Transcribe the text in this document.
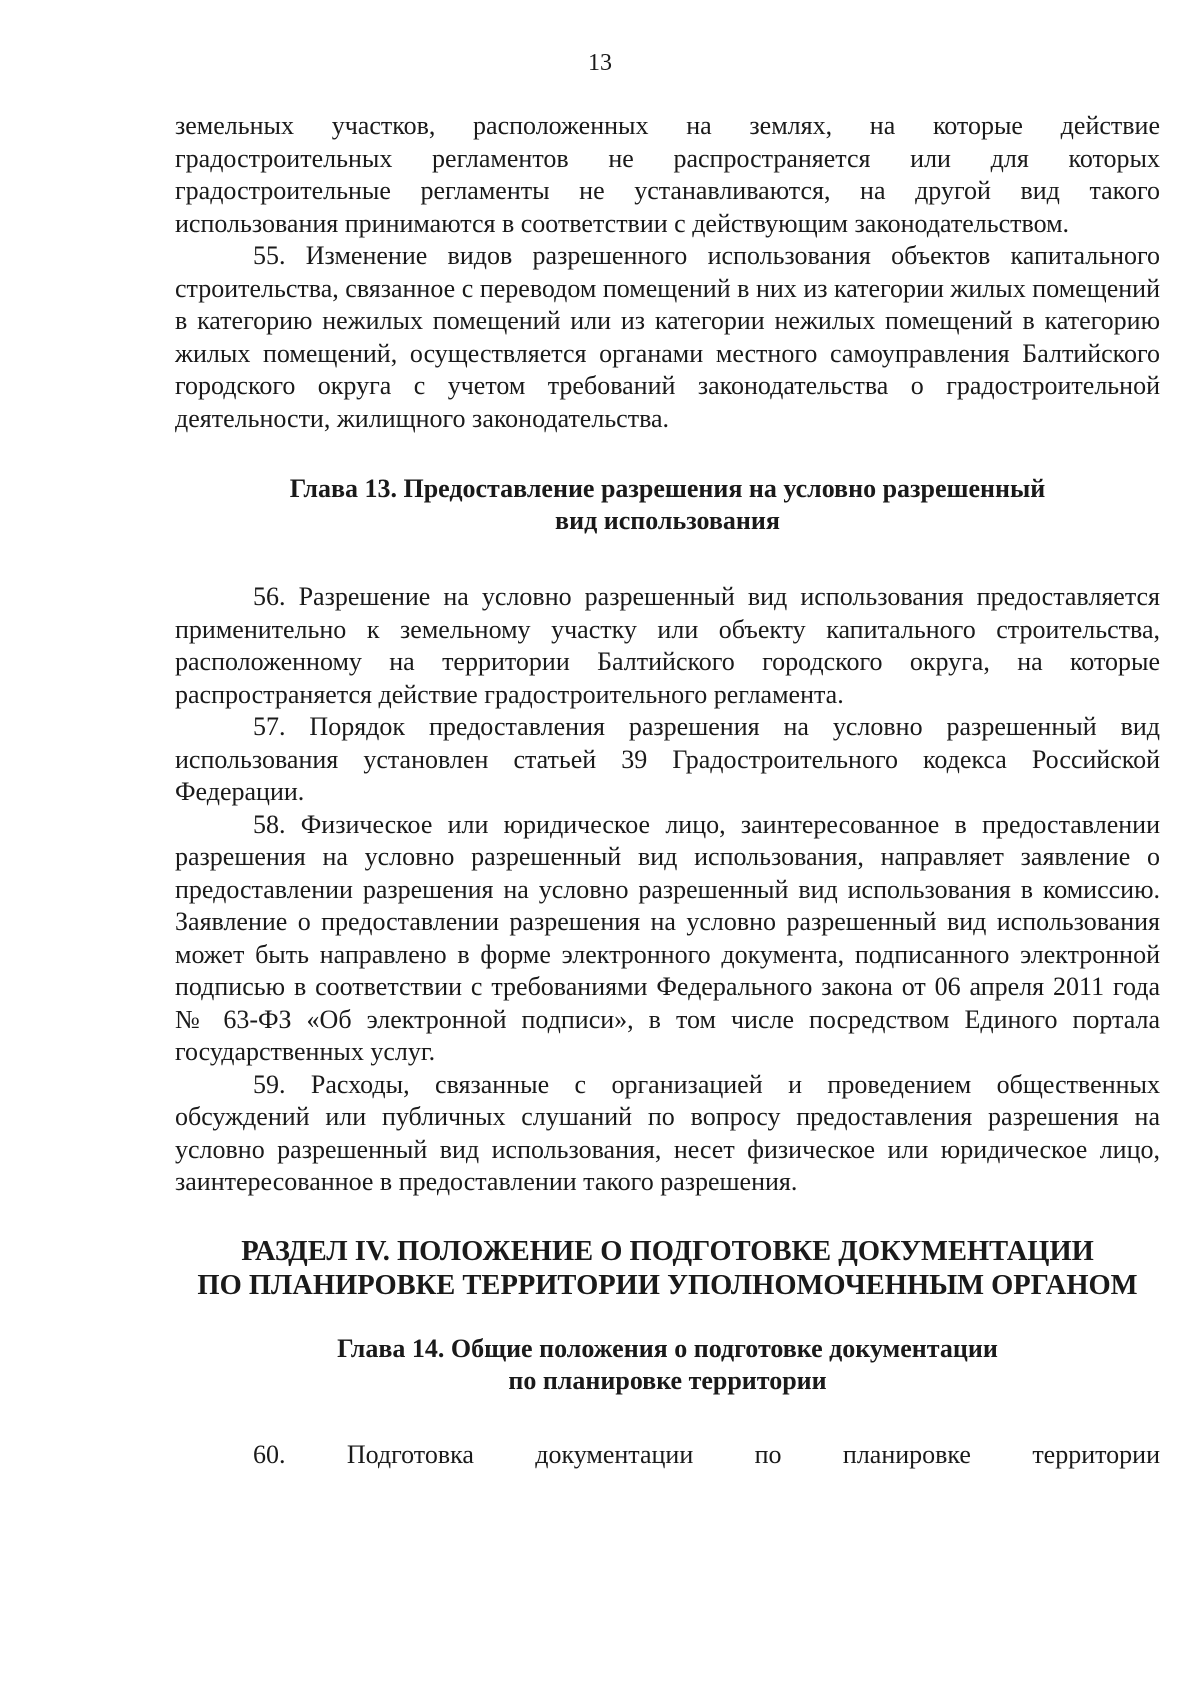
13

земельных участков, расположенных на землях, на которые действие градостроительных регламентов не распространяется или для которых градостроительные регламенты не устанавливаются, на другой вид такого использования принимаются в соответствии с действующим законодательством.

55. Изменение видов разрешенного использования объектов капитального строительства, связанное с переводом помещений в них из категории жилых помещений в категорию нежилых помещений или из категории нежилых помещений в категорию жилых помещений, осуществляется органами местного самоуправления Балтийского городского округа с учетом требований законодательства о градостроительной деятельности, жилищного законодательства.

Глава 13. Предоставление разрешения на условно разрешенный
вид использования

56. Разрешение на условно разрешенный вид использования предоставляется применительно к земельному участку или объекту капитального строительства, расположенному на территории Балтийского городского округа, на которые распространяется действие градостроительного регламента.

57. Порядок предоставления разрешения на условно разрешенный вид использования установлен статьей 39 Градостроительного кодекса Российской Федерации.

58. Физическое или юридическое лицо, заинтересованное в предоставлении разрешения на условно разрешенный вид использования, направляет заявление о предоставлении разрешения на условно разрешенный вид использования в комиссию. Заявление о предоставлении разрешения на условно разрешенный вид использования может быть направлено в форме электронного документа, подписанного электронной подписью в соответствии с требованиями Федерального закона от 06 апреля 2011 года № 63-ФЗ «Об электронной подписи», в том числе посредством Единого портала государственных услуг.

59. Расходы, связанные с организацией и проведением общественных обсуждений или публичных слушаний по вопросу предоставления разрешения на условно разрешенный вид использования, несет физическое или юридическое лицо, заинтересованное в предоставлении такого разрешения.

РАЗДЕЛ IV. ПОЛОЖЕНИЕ О ПОДГОТОВКЕ ДОКУМЕНТАЦИИ
ПО ПЛАНИРОВКЕ ТЕРРИТОРИИ УПОЛНОМОЧЕННЫМ ОРГАНОМ
Глава 14. Общие положения о подготовке документации
по планировке территории

60. Подготовка документации по планировке территории
